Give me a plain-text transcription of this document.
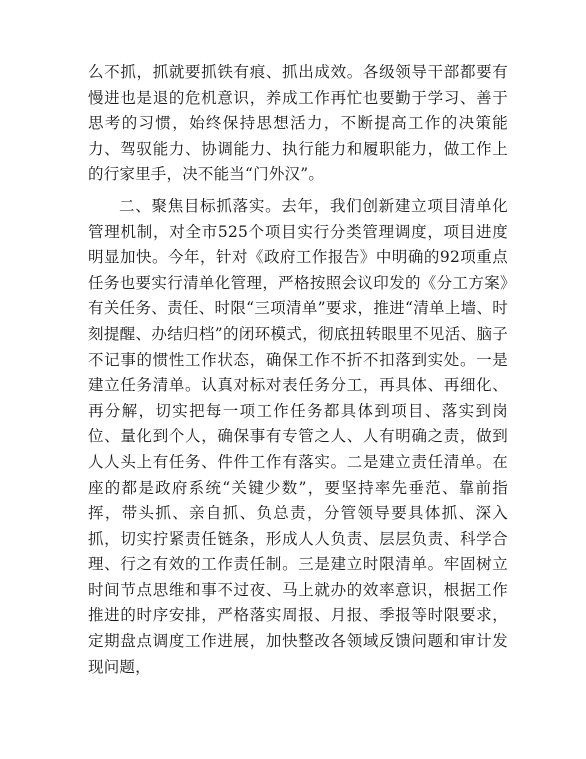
么不抓，抓就要抓铁有痕、抓出成效。各级领导干部都要有慢进也是退的危机意识，养成工作再忙也要勤于学习、善于思考的习惯，始终保持思想活力，不断提高工作的决策能力、驾驭能力、协调能力、执行能力和履职能力，做工作上的行家里手，决不能当“门外汉”。

二、聚焦目标抓落实。去年，我们创新建立项目清单化管理机制，对全市525个项目实行分类管理调度，项目进度明显加快。今年，针对《政府工作报告》中明确的92项重点任务也要实行清单化管理，严格按照会议印发的《分工方案》有关任务、责任、时限“三项清单”要求，推进“清单上墙、时刻提醒、办结归档”的闭环模式，彻底扭转眼里不见活、脑子不记事的惯性工作状态，确保工作不折不扣落到实处。一是建立任务清单。认真对标对表任务分工，再具体、再细化、再分解，切实把每一项工作任务都具体到项目、落实到岗位、量化到个人，确保事有专管之人、人有明确之责，做到人人头上有任务、件件工作有落实。二是建立责任清单。在座的都是政府系统“关键少数”，要坚持率先垂范、靠前指挥，带头抓、亲自抓、负总责，分管领导要具体抓、深入抓，切实拧紧责任链条，形成人人负责、层层负责、科学合理、行之有效的工作责任制。三是建立时限清单。牢固树立时间节点思维和事不过夜、马上就办的效率意识，根据工作推进的时序安排，严格落实周报、月报、季报等时限要求，定期盘点调度工作进展，加快整改各领域反馈问题和审计发现问题，
